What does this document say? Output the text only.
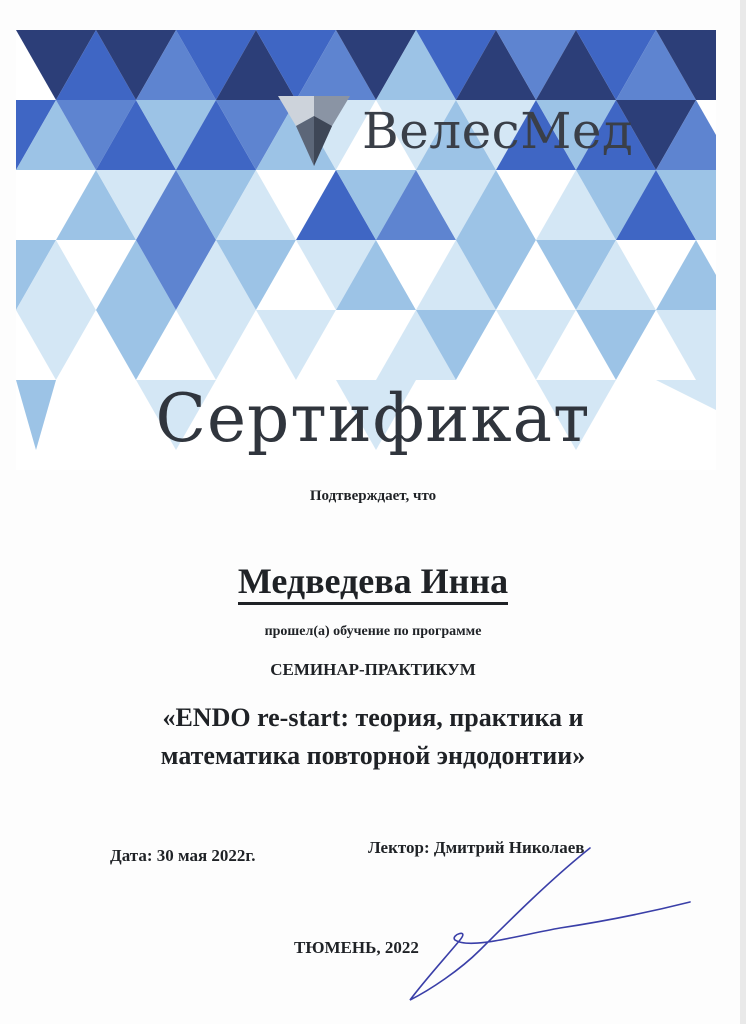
ВелесМед
Сертификат
Подтверждает, что
Медведева Инна
прошел(а) обучение по программе
СЕМИНАР-ПРАКТИКУМ
«ENDO re-start: теория, практика и
математика повторной эндодонтии»
Дата: 30 мая 2022г.	Лектор: Дмитрий Николаев
ТЮМЕНЬ, 2022
